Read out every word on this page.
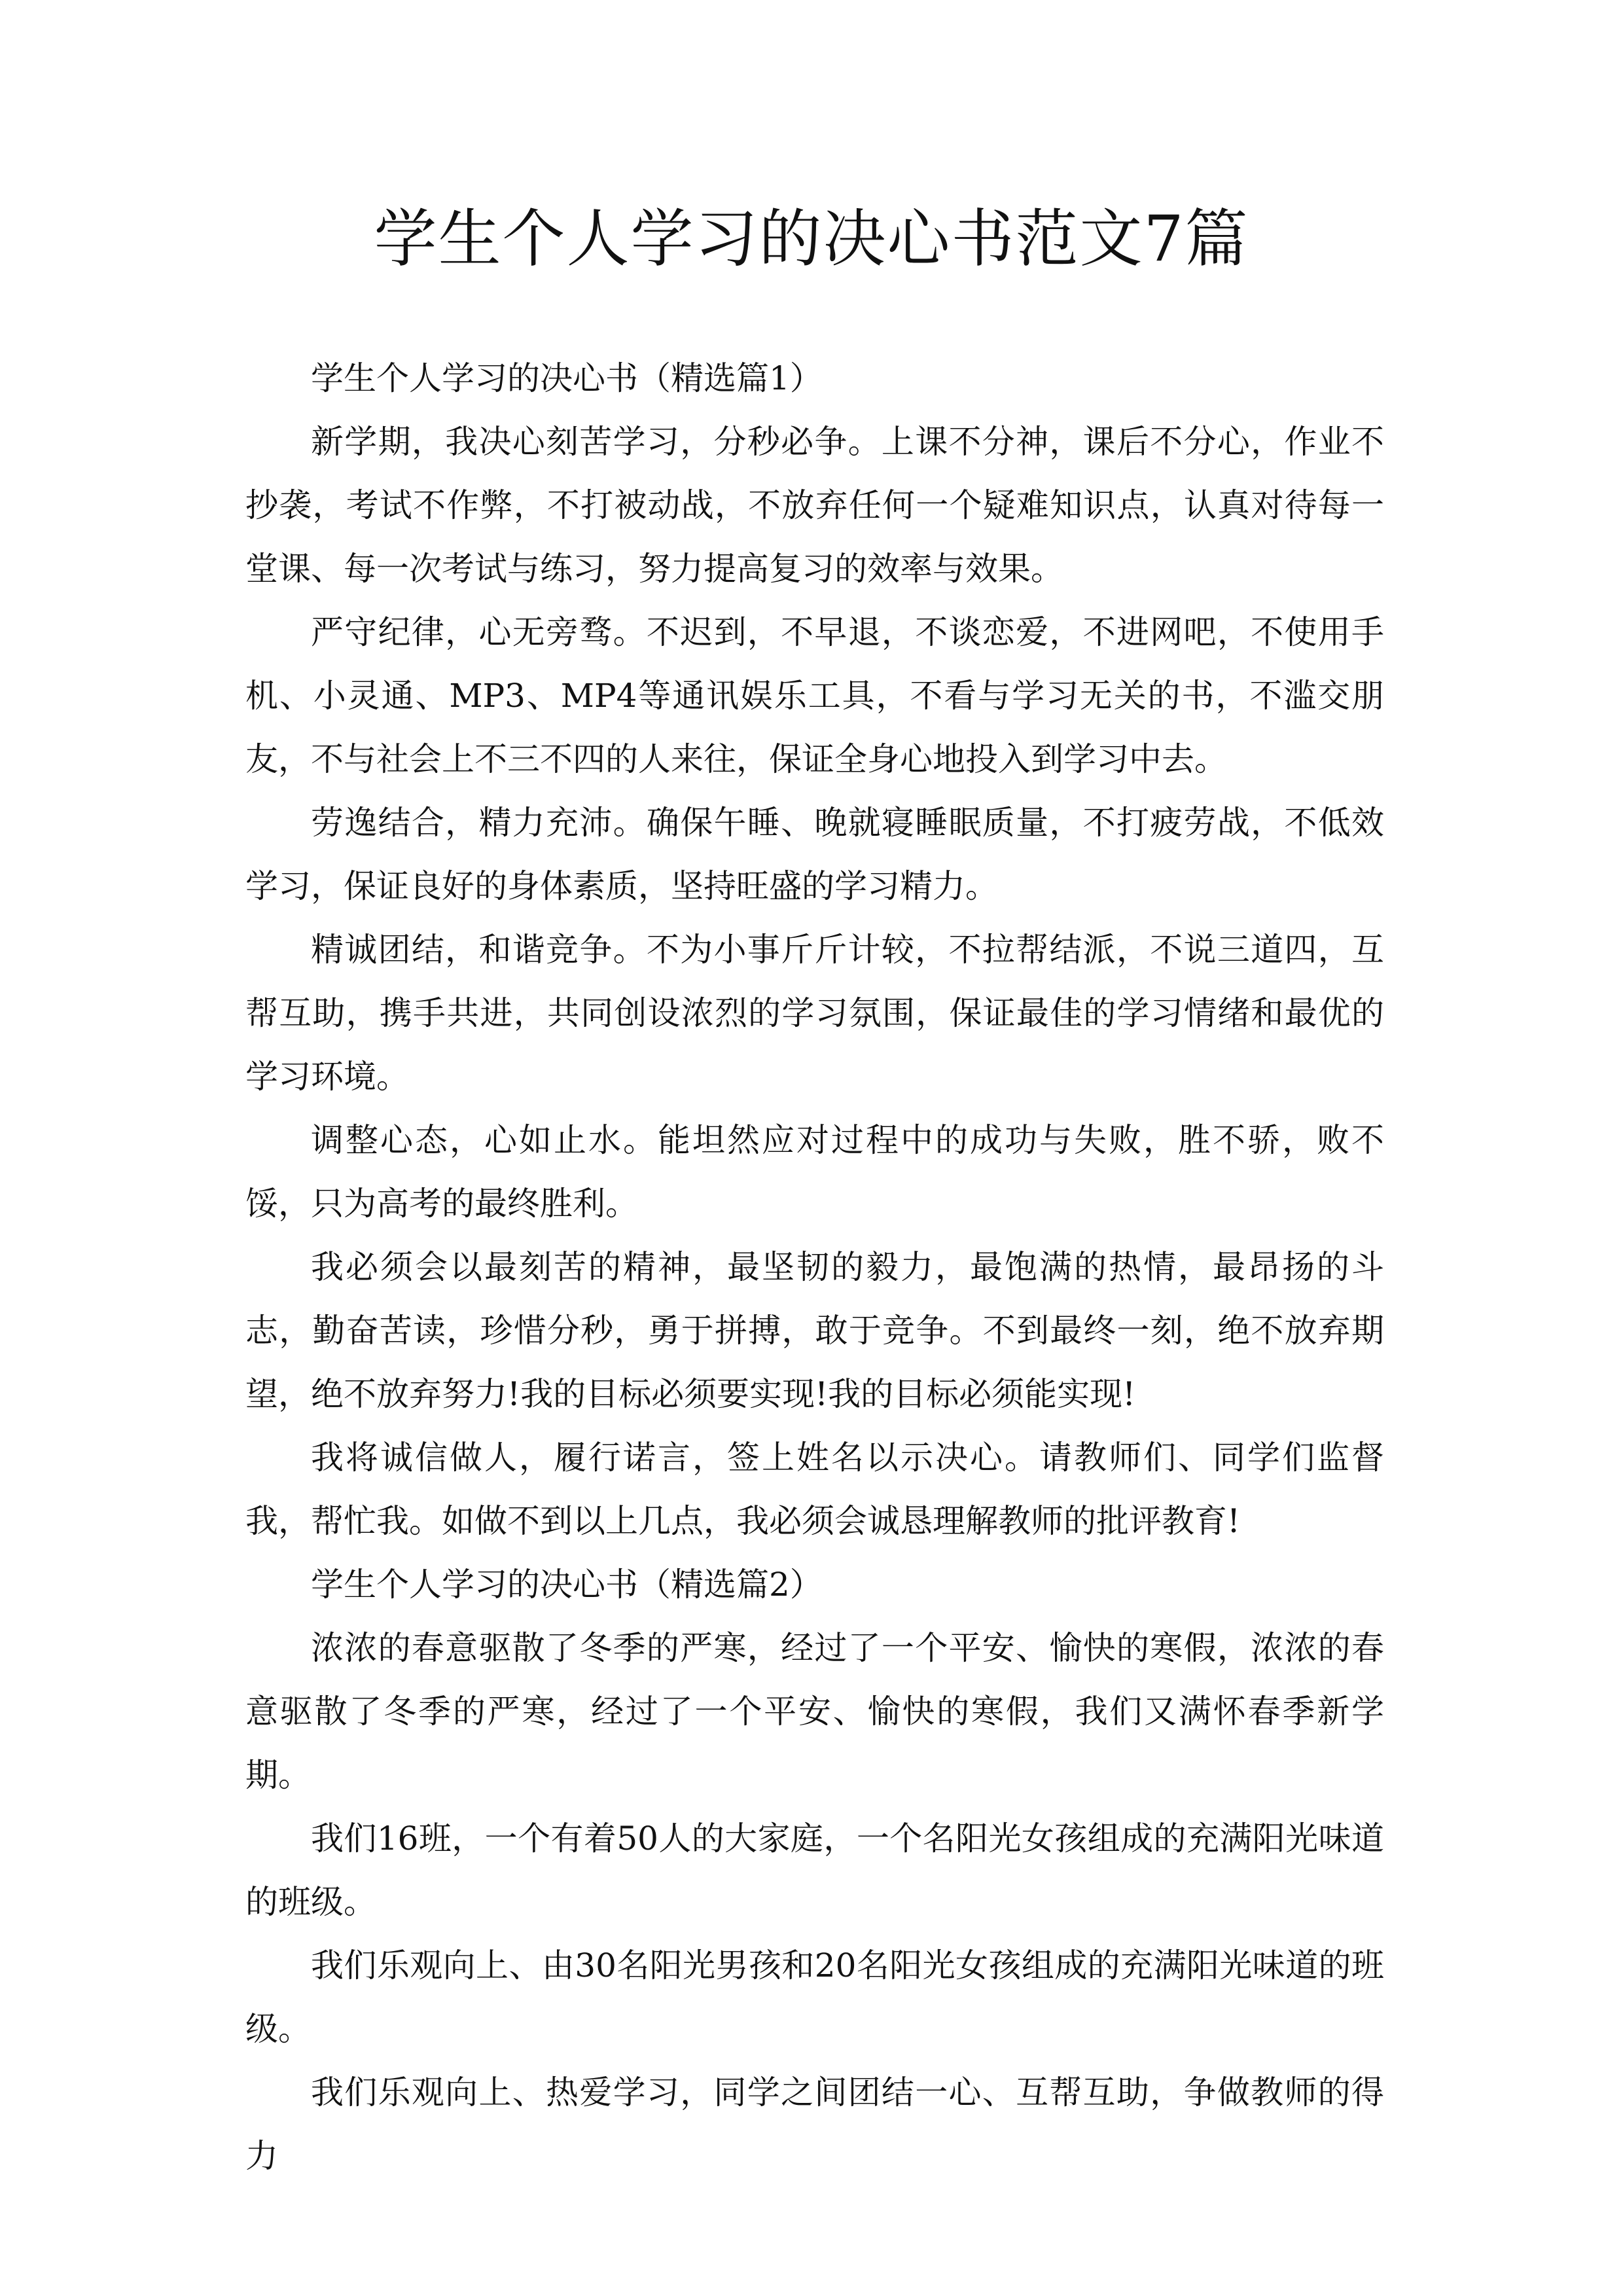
学生个人学习的决心书范文7篇

学生个人学习的决心书（精选篇1）

新学期，我决心刻苦学习，分秒必争。上课不分神，课后不分心，作业不抄袭，考试不作弊，不打被动战，不放弃任何一个疑难知识点，认真对待每一堂课、每一次考试与练习，努力提高复习的效率与效果。

严守纪律，心无旁骛。不迟到，不早退，不谈恋爱，不进网吧，不使用手机、小灵通、MP3、MP4等通讯娱乐工具，不看与学习无关的书，不滥交朋友，不与社会上不三不四的人来往，保证全身心地投入到学习中去。

劳逸结合，精力充沛。确保午睡、晚就寝睡眠质量，不打疲劳战，不低效学习，保证良好的身体素质，坚持旺盛的学习精力。

精诚团结，和谐竞争。不为小事斤斤计较，不拉帮结派，不说三道四，互帮互助，携手共进，共同创设浓烈的学习氛围，保证最佳的学习情绪和最优的学习环境。

调整心态，心如止水。能坦然应对过程中的成功与失败，胜不骄，败不馁，只为高考的最终胜利。

我必须会以最刻苦的精神，最坚韧的毅力，最饱满的热情，最昂扬的斗志，勤奋苦读，珍惜分秒，勇于拼搏，敢于竞争。不到最终一刻，绝不放弃期望，绝不放弃努力!我的目标必须要实现!我的目标必须能实现!

我将诚信做人，履行诺言，签上姓名以示决心。请教师们、同学们监督我，帮忙我。如做不到以上几点，我必须会诚恳理解教师的批评教育!

学生个人学习的决心书（精选篇2）

浓浓的春意驱散了冬季的严寒，经过了一个平安、愉快的寒假，浓浓的春意驱散了冬季的严寒，经过了一个平安、愉快的寒假，我们又满怀春季新学期。

我们16班，一个有着50人的大家庭，一个名阳光女孩组成的充满阳光味道的班级。

我们乐观向上、由30名阳光男孩和20名阳光女孩组成的充满阳光味道的班级。

我们乐观向上、热爱学习，同学之间团结一心、互帮互助，争做教师的得力
